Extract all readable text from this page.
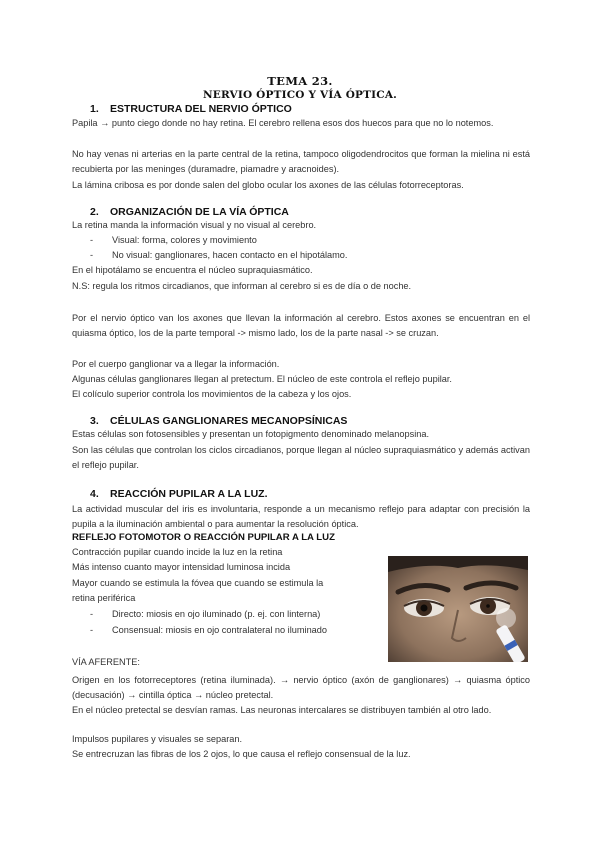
TEMA 23.
NERVIO ÓPTICO Y VÍA ÓPTICA.
1. ESTRUCTURA DEL NERVIO ÓPTICO
Papila → punto ciego donde no hay retina. El cerebro rellena esos dos huecos para que no lo notemos.
No hay venas ni arterias en la parte central de la retina, tampoco oligodendrocitos que forman la mielina ni está recubierta por las meninges (duramadre, piamadre y aracnoides).
La lámina cribosa es por donde salen del globo ocular los axones de las células fotorreceptoras.
2. ORGANIZACIÓN DE LA VÍA ÓPTICA
La retina manda la información visual y no visual al cerebro.
- Visual: forma, colores y movimiento
- No visual: ganglionares, hacen contacto en el hipotálamo.
En el hipotálamo se encuentra el núcleo supraquiasmático.
N.S: regula los ritmos circadianos, que informan al cerebro si es de día o de noche.
Por el nervio óptico van los axones que llevan la información al cerebro. Estos axones se encuentran en el quiasma óptico, los de la parte temporal -> mismo lado, los de la parte nasal -> se cruzan.
Por el cuerpo ganglionar va a llegar la información.
Algunas células ganglionares llegan al pretectum. El núcleo de este controla el reflejo pupilar.
El colículo superior controla los movimientos de la cabeza y los ojos.
3. CÉLULAS GANGLIONARES MECANOPSÍNICAS
Estas células son fotosensibles y presentan un fotopigmento denominado melanopsina.
Son las células que controlan los ciclos circadianos, porque llegan al núcleo supraquiasmático y además activan el reflejo pupilar.
4. REACCIÓN PUPILAR A LA LUZ.
La actividad muscular del iris es involuntaria, responde a un mecanismo reflejo para adaptar con precisión la pupila a la iluminación ambiental o para aumentar la resolución óptica.
REFLEJO FOTOMOTOR O REACCIÓN PUPILAR A LA LUZ
Contracción pupilar cuando incide la luz en la retina
Más intenso cuanto mayor intensidad luminosa incida
Mayor cuando se estimula la fóvea que cuando se estimula la
retina periférica
- Directo: miosis en ojo iluminado (p. ej. con linterna)
- Consensual: miosis en ojo contralateral no iluminado
VÍA AFERENTE:
Origen en los fotorreceptores (retina iluminada). → nervio óptico (axón de ganglionares) → quiasma óptico (decusación) → cintilla óptica → núcleo pretectal.
En el núcleo pretectal se desvían ramas. Las neuronas intercalares se distribuyen también al otro lado.
Impulsos pupilares y visuales se separan.
Se entrecruzan las fibras de los 2 ojos, lo que causa el reflejo consensual de la luz.
